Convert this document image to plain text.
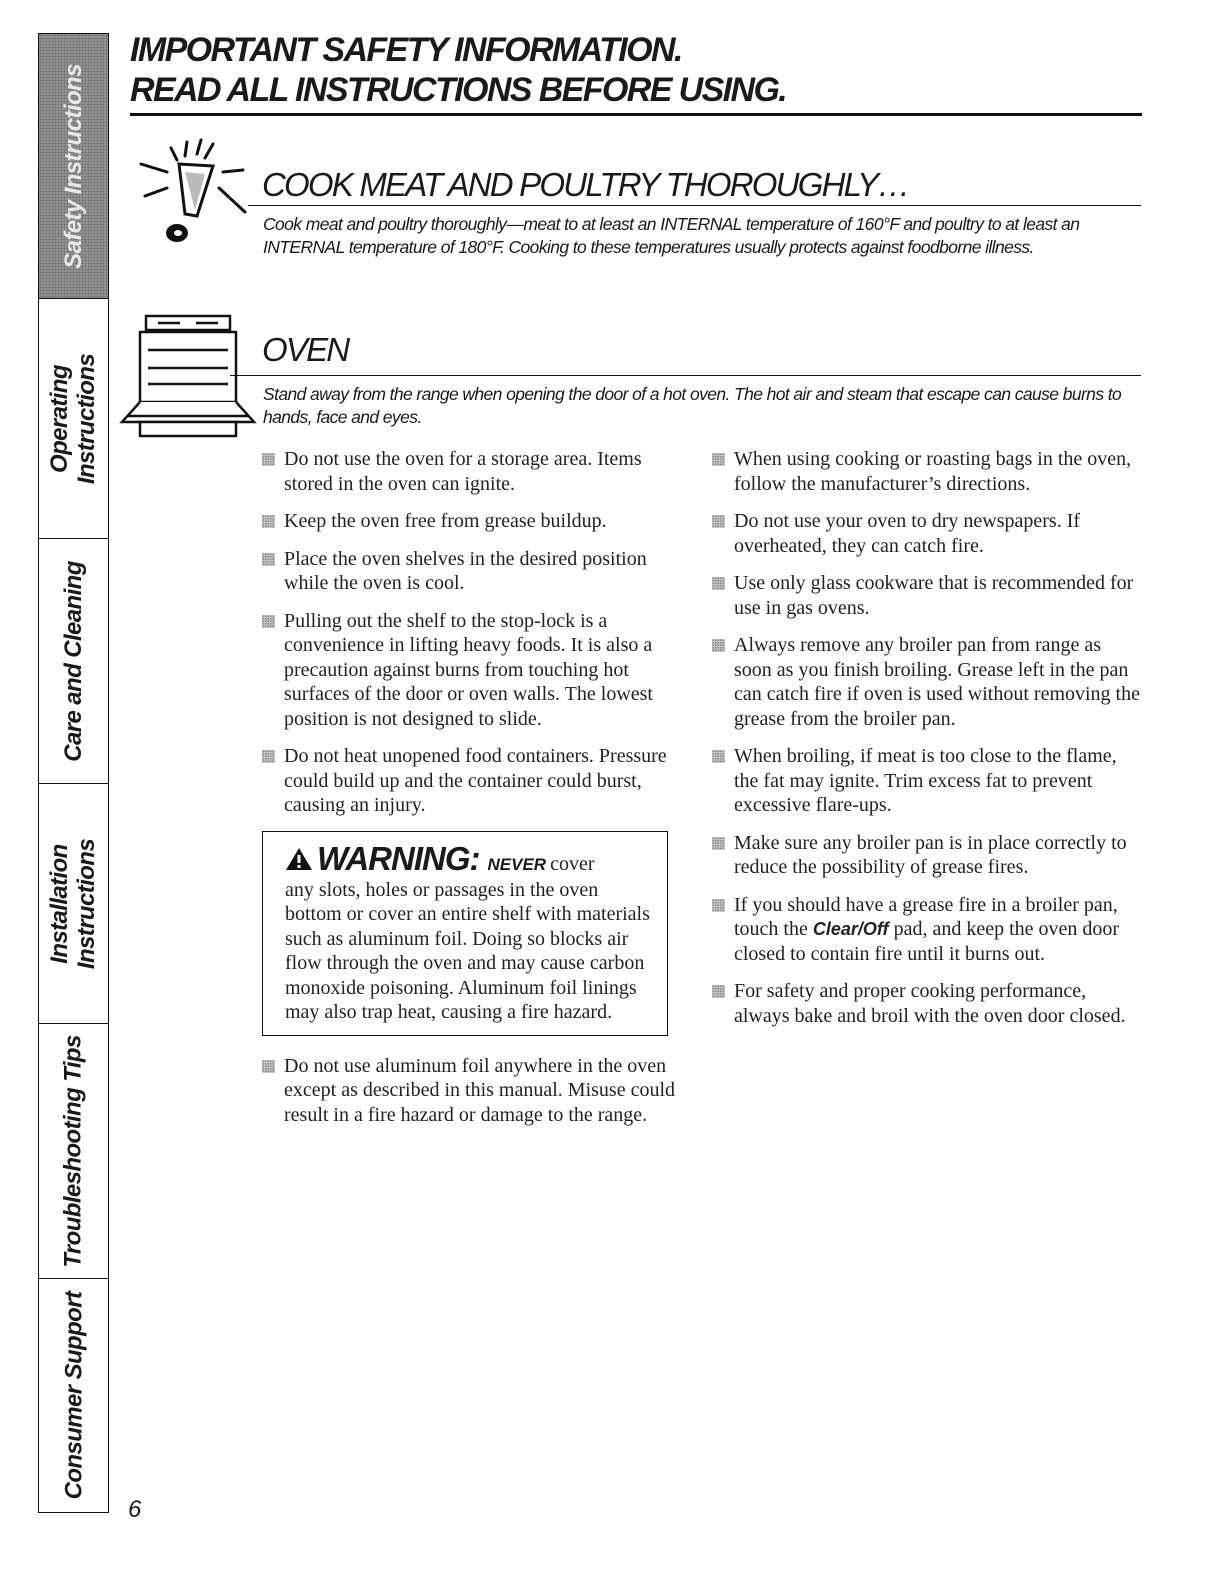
Safety Instructions
Operating
Instructions
Care and Cleaning
Installation
Instructions
Troubleshooting Tips
Consumer Support
IMPORTANT SAFETY INFORMATION.
READ ALL INSTRUCTIONS BEFORE USING.
COOK MEAT AND POULTRY THOROUGHLY…

Cook meat and poultry thoroughly—meat to at least an INTERNAL temperature of 160°F and poultry to at least an INTERNAL temperature of 180°F. Cooking to these temperatures usually protects against foodborne illness.

OVEN

Stand away from the range when opening the door of a hot oven. The hot air and steam that escape can cause burns to hands, face and eyes.

Do not use the oven for a storage area. Items stored in the oven can ignite.
Keep the oven free from grease buildup.
Place the oven shelves in the desired position while the oven is cool.
Pulling out the shelf to the stop-lock is a convenience in lifting heavy foods. It is also a precaution against burns from touching hot surfaces of the door or oven walls. The lowest position is not designed to slide.
Do not heat unopened food containers. Pressure could build up and the container could burst, causing an injury.
WARNING: NEVER cover
any slots, holes or passages in the oven bottom or cover an entire shelf with materials such as aluminum foil. Doing so blocks air flow through the oven and may cause carbon monoxide poisoning. Aluminum foil linings may also trap heat, causing a fire hazard.
Do not use aluminum foil anywhere in the oven except as described in this manual. Misuse could result in a fire hazard or damage to the range.
When using cooking or roasting bags in the oven, follow the manufacturer’s directions.
Do not use your oven to dry newspapers. If overheated, they can catch fire.
Use only glass cookware that is recommended for use in gas ovens.
Always remove any broiler pan from range as soon as you finish broiling. Grease left in the pan can catch fire if oven is used without removing the grease from the broiler pan.
When broiling, if meat is too close to the flame, the fat may ignite. Trim excess fat to prevent excessive flare-ups.
Make sure any broiler pan is in place correctly to reduce the possibility of grease fires.
If you should have a grease fire in a broiler pan, touch the Clear/Off pad, and keep the oven door closed to contain fire until it burns out.
For safety and proper cooking performance, always bake and broil with the oven door closed.
6
